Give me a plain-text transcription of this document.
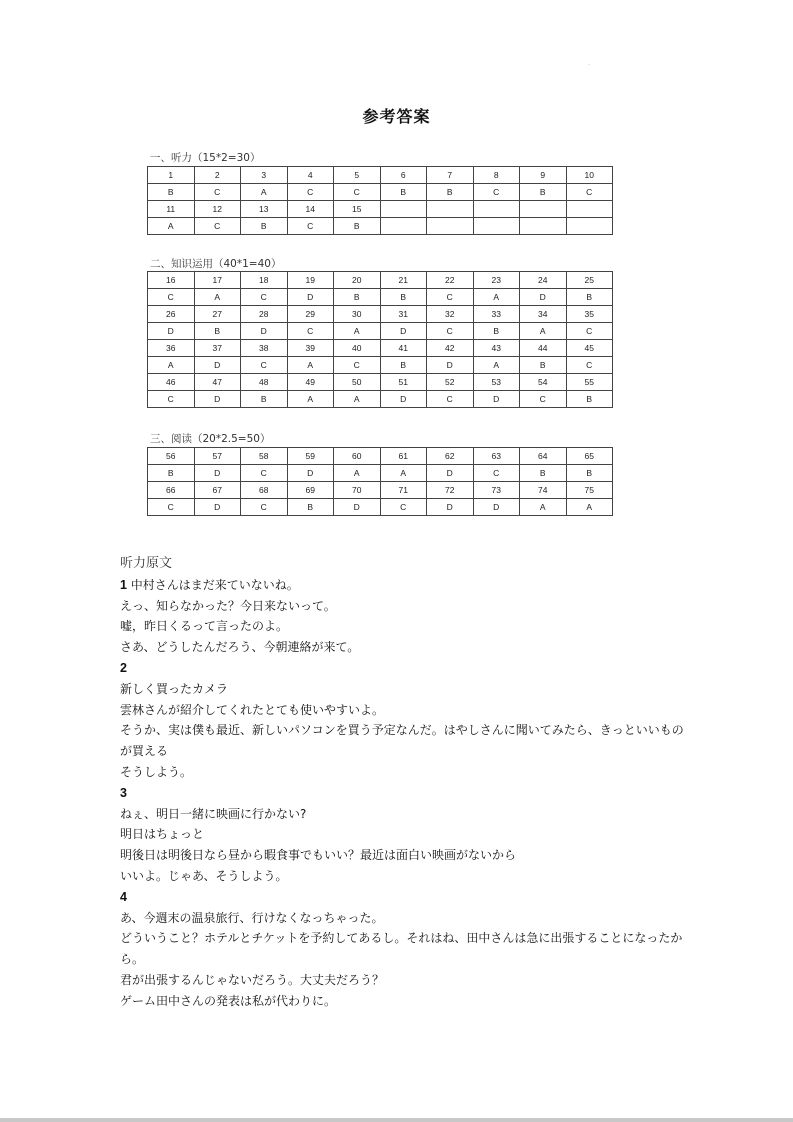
·
参考答案
一、听力（15*2=30）
1	2	3	4	5	6	7	8	9	10
B	C	A	C	C	B	B	C	B	C
11	12	13	14	15					
A	C	B	C	B					
二、知识运用（40*1=40）
16	17	18	19	20	21	22	23	24	25
C	A	C	D	B	B	C	A	D	B
26	27	28	29	30	31	32	33	34	35
D	B	D	C	A	D	C	B	A	C
36	37	38	39	40	41	42	43	44	45
A	D	C	A	C	B	D	A	B	C
46	47	48	49	50	51	52	53	54	55
C	D	B	A	A	D	C	D	C	B
三、阅读（20*2.5=50）
56	57	58	59	60	61	62	63	64	65
B	D	C	D	A	A	D	C	B	B
66	67	68	69	70	71	72	73	74	75
C	D	C	B	D	C	D	D	A	A
听力原文
1 中村さんはまだ来ていないね。
えっ、知らなかった？今日来ないって。
嘘，昨日くるって言ったのよ。
さあ、どうしたんだろう、今朝連絡が来て。
2
新しく買ったカメラ
雲林さんが紹介してくれたとても使いやすいよ。
そうか、実は僕も最近、新しいパソコンを買う予定なんだ。はやしさんに聞いてみたら、きっといいものが買える
そうしよう。
3
ねぇ、明日一緒に映画に行かない?
明日はちょっと
明後日は明後日なら昼から暇食事でもいい？最近は面白い映画がないから
いいよ。じゃあ、そうしよう。
4
あ、今週末の温泉旅行、行けなくなっちゃった。
どういうこと？ホテルとチケットを予約してあるし。それはね、田中さんは急に出張することになったから。
君が出張するんじゃないだろう。大丈夫だろう？
ゲーム田中さんの発表は私が代わりに。
